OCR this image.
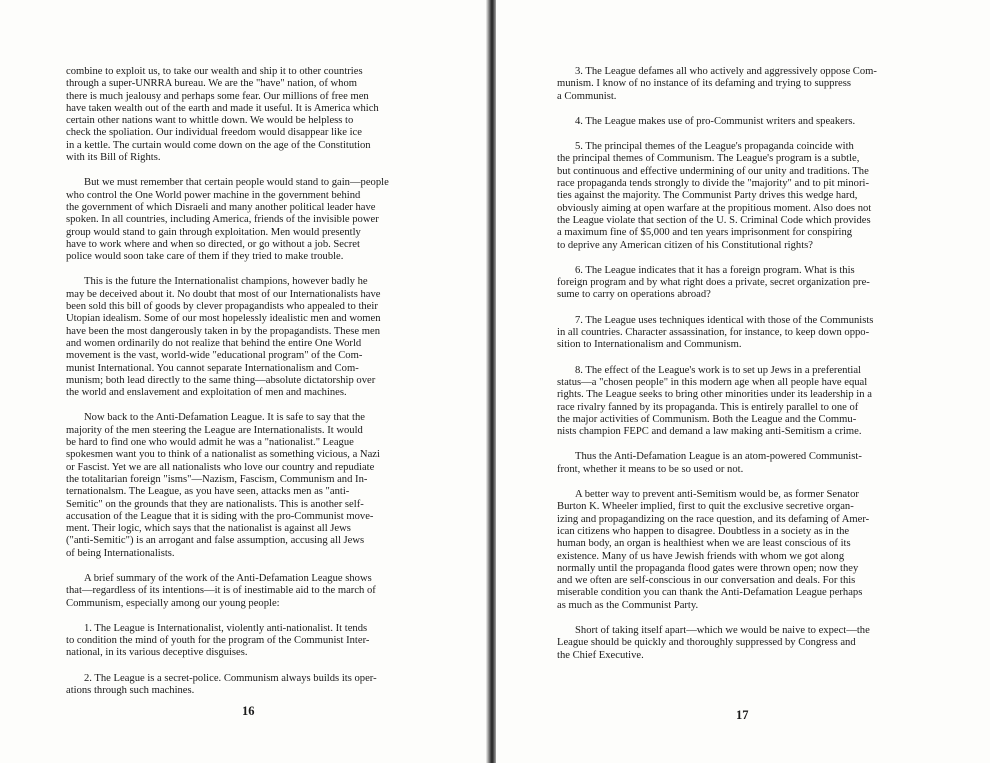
combine to exploit us, to take our wealth and ship it to other countries
through a super-UNRRA bureau. We are the "have" nation, of whom
there is much jealousy and perhaps some fear. Our millions of free men
have taken wealth out of the earth and made it useful. It is America which
certain other nations want to whittle down. We would be helpless to
check the spoliation. Our individual freedom would disappear like ice
in a kettle. The curtain would come down on the age of the Constitution
with its Bill of Rights.

But we must remember that certain people would stand to gain—people
who control the One World power machine in the government behind
the government of which Disraeli and many another political leader have
spoken. In all countries, including America, friends of the invisible power
group would stand to gain through exploitation. Men would presently
have to work where and when so directed, or go without a job. Secret
police would soon take care of them if they tried to make trouble.

This is the future the Internationalist champions, however badly he
may be deceived about it. No doubt that most of our Internationalists have
been sold this bill of goods by clever propagandists who appealed to their
Utopian idealism. Some of our most hopelessly idealistic men and women
have been the most dangerously taken in by the propagandists. These men
and women ordinarily do not realize that behind the entire One World
movement is the vast, world-wide "educational program" of the Com-
munist International. You cannot separate Internationalism and Com-
munism; both lead directly to the same thing—absolute dictatorship over
the world and enslavement and exploitation of men and machines.

Now back to the Anti-Defamation League. It is safe to say that the
majority of the men steering the League are Internationalists. It would
be hard to find one who would admit he was a "nationalist." League
spokesmen want you to think of a nationalist as something vicious, a Nazi
or Fascist. Yet we are all nationalists who love our country and repudiate
the totalitarian foreign "isms"—Nazism, Fascism, Communism and In-
ternationalsm. The League, as you have seen, attacks men as "anti-
Semitic" on the grounds that they are nationalists. This is another self-
accusation of the League that it is siding with the pro-Communist move-
ment. Their logic, which says that the nationalist is against all Jews
("anti-Semitic") is an arrogant and false assumption, accusing all Jews
of being Internationalists.

A brief summary of the work of the Anti-Defamation League shows
that—regardless of its intentions—it is of inestimable aid to the march of
Communism, especially among our young people:

1. The League is Internationalist, violently anti-nationalist. It tends
to condition the mind of youth for the program of the Communist Inter-
national, in its various deceptive disguises.

2. The League is a secret-police. Communism always builds its oper-
ations through such machines.

16

3. The League defames all who actively and aggressively oppose Com-
munism. I know of no instance of its defaming and trying to suppress
a Communist.

4. The League makes use of pro-Communist writers and speakers.

5. The principal themes of the League's propaganda coincide with
the principal themes of Communism. The League's program is a subtle,
but continuous and effective undermining of our unity and traditions. The
race propaganda tends strongly to divide the "majority" and to pit minori-
ties against the majority. The Communist Party drives this wedge hard,
obviously aiming at open warfare at the propitious moment. Also does not
the League violate that section of the U. S. Criminal Code which provides
a maximum fine of $5,000 and ten years imprisonment for conspiring
to deprive any American citizen of his Constitutional rights?

6. The League indicates that it has a foreign program. What is this
foreign program and by what right does a private, secret organization pre-
sume to carry on operations abroad?

7. The League uses techniques identical with those of the Communists
in all countries. Character assassination, for instance, to keep down oppo-
sition to Internationalism and Communism.

8. The effect of the League's work is to set up Jews in a preferential
status—a "chosen people" in this modern age when all people have equal
rights. The League seeks to bring other minorities under its leadership in a
race rivalry fanned by its propaganda. This is entirely parallel to one of
the major activities of Communism. Both the League and the Commu-
nists champion FEPC and demand a law making anti-Semitism a crime.

Thus the Anti-Defamation League is an atom-powered Communist-
front, whether it means to be so used or not.

A better way to prevent anti-Semitism would be, as former Senator
Burton K. Wheeler implied, first to quit the exclusive secretive organ-
izing and propagandizing on the race question, and its defaming of Amer-
ican citizens who happen to disagree. Doubtless in a society as in the
human body, an organ is healthiest when we are least conscious of its
existence. Many of us have Jewish friends with whom we got along
normally until the propaganda flood gates were thrown open; now they
and we often are self-conscious in our conversation and deals. For this
miserable condition you can thank the Anti-Defamation League perhaps
as much as the Communist Party.

Short of taking itself apart—which we would be naive to expect—the
League should be quickly and thoroughly suppressed by Congress and
the Chief Executive.

17
